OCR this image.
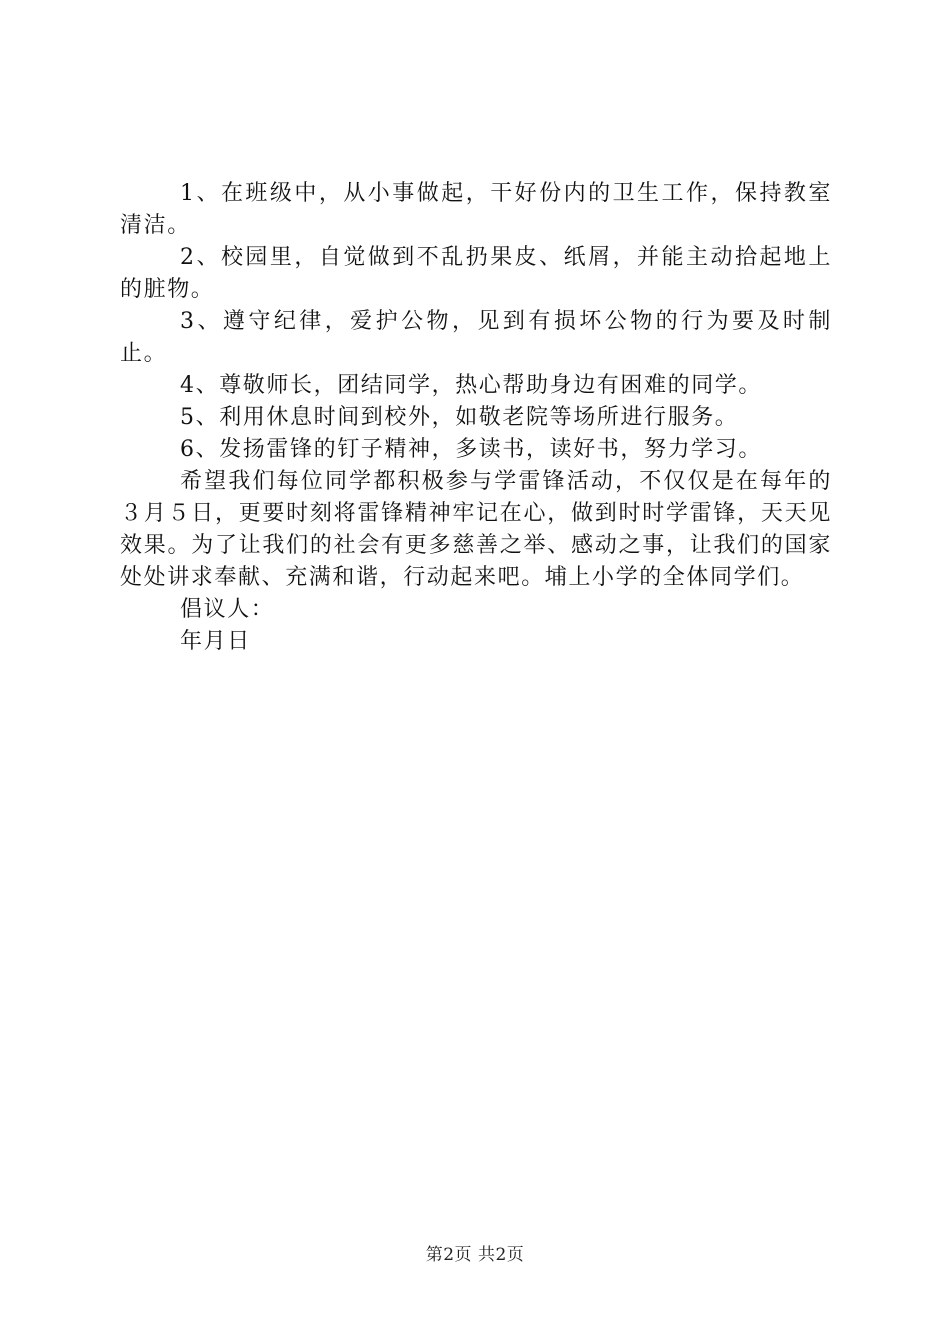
1、在班级中，从小事做起，干好份内的卫生工作，保持教室清洁。

2、校园里，自觉做到不乱扔果皮、纸屑，并能主动拾起地上的脏物。

3、遵守纪律，爱护公物，见到有损坏公物的行为要及时制止。

4、尊敬师长，团结同学，热心帮助身边有困难的同学。

5、利用休息时间到校外，如敬老院等场所进行服务。

6、发扬雷锋的钉子精神，多读书，读好书，努力学习。

希望我们每位同学都积极参与学雷锋活动，不仅仅是在每年的３月５日，更要时刻将雷锋精神牢记在心，做到时时学雷锋，天天见效果。为了让我们的社会有更多慈善之举、感动之事，让我们的国家处处讲求奉献、充满和谐，行动起来吧。埔上小学的全体同学们。

倡议人：

年月日

第2页 共2页
